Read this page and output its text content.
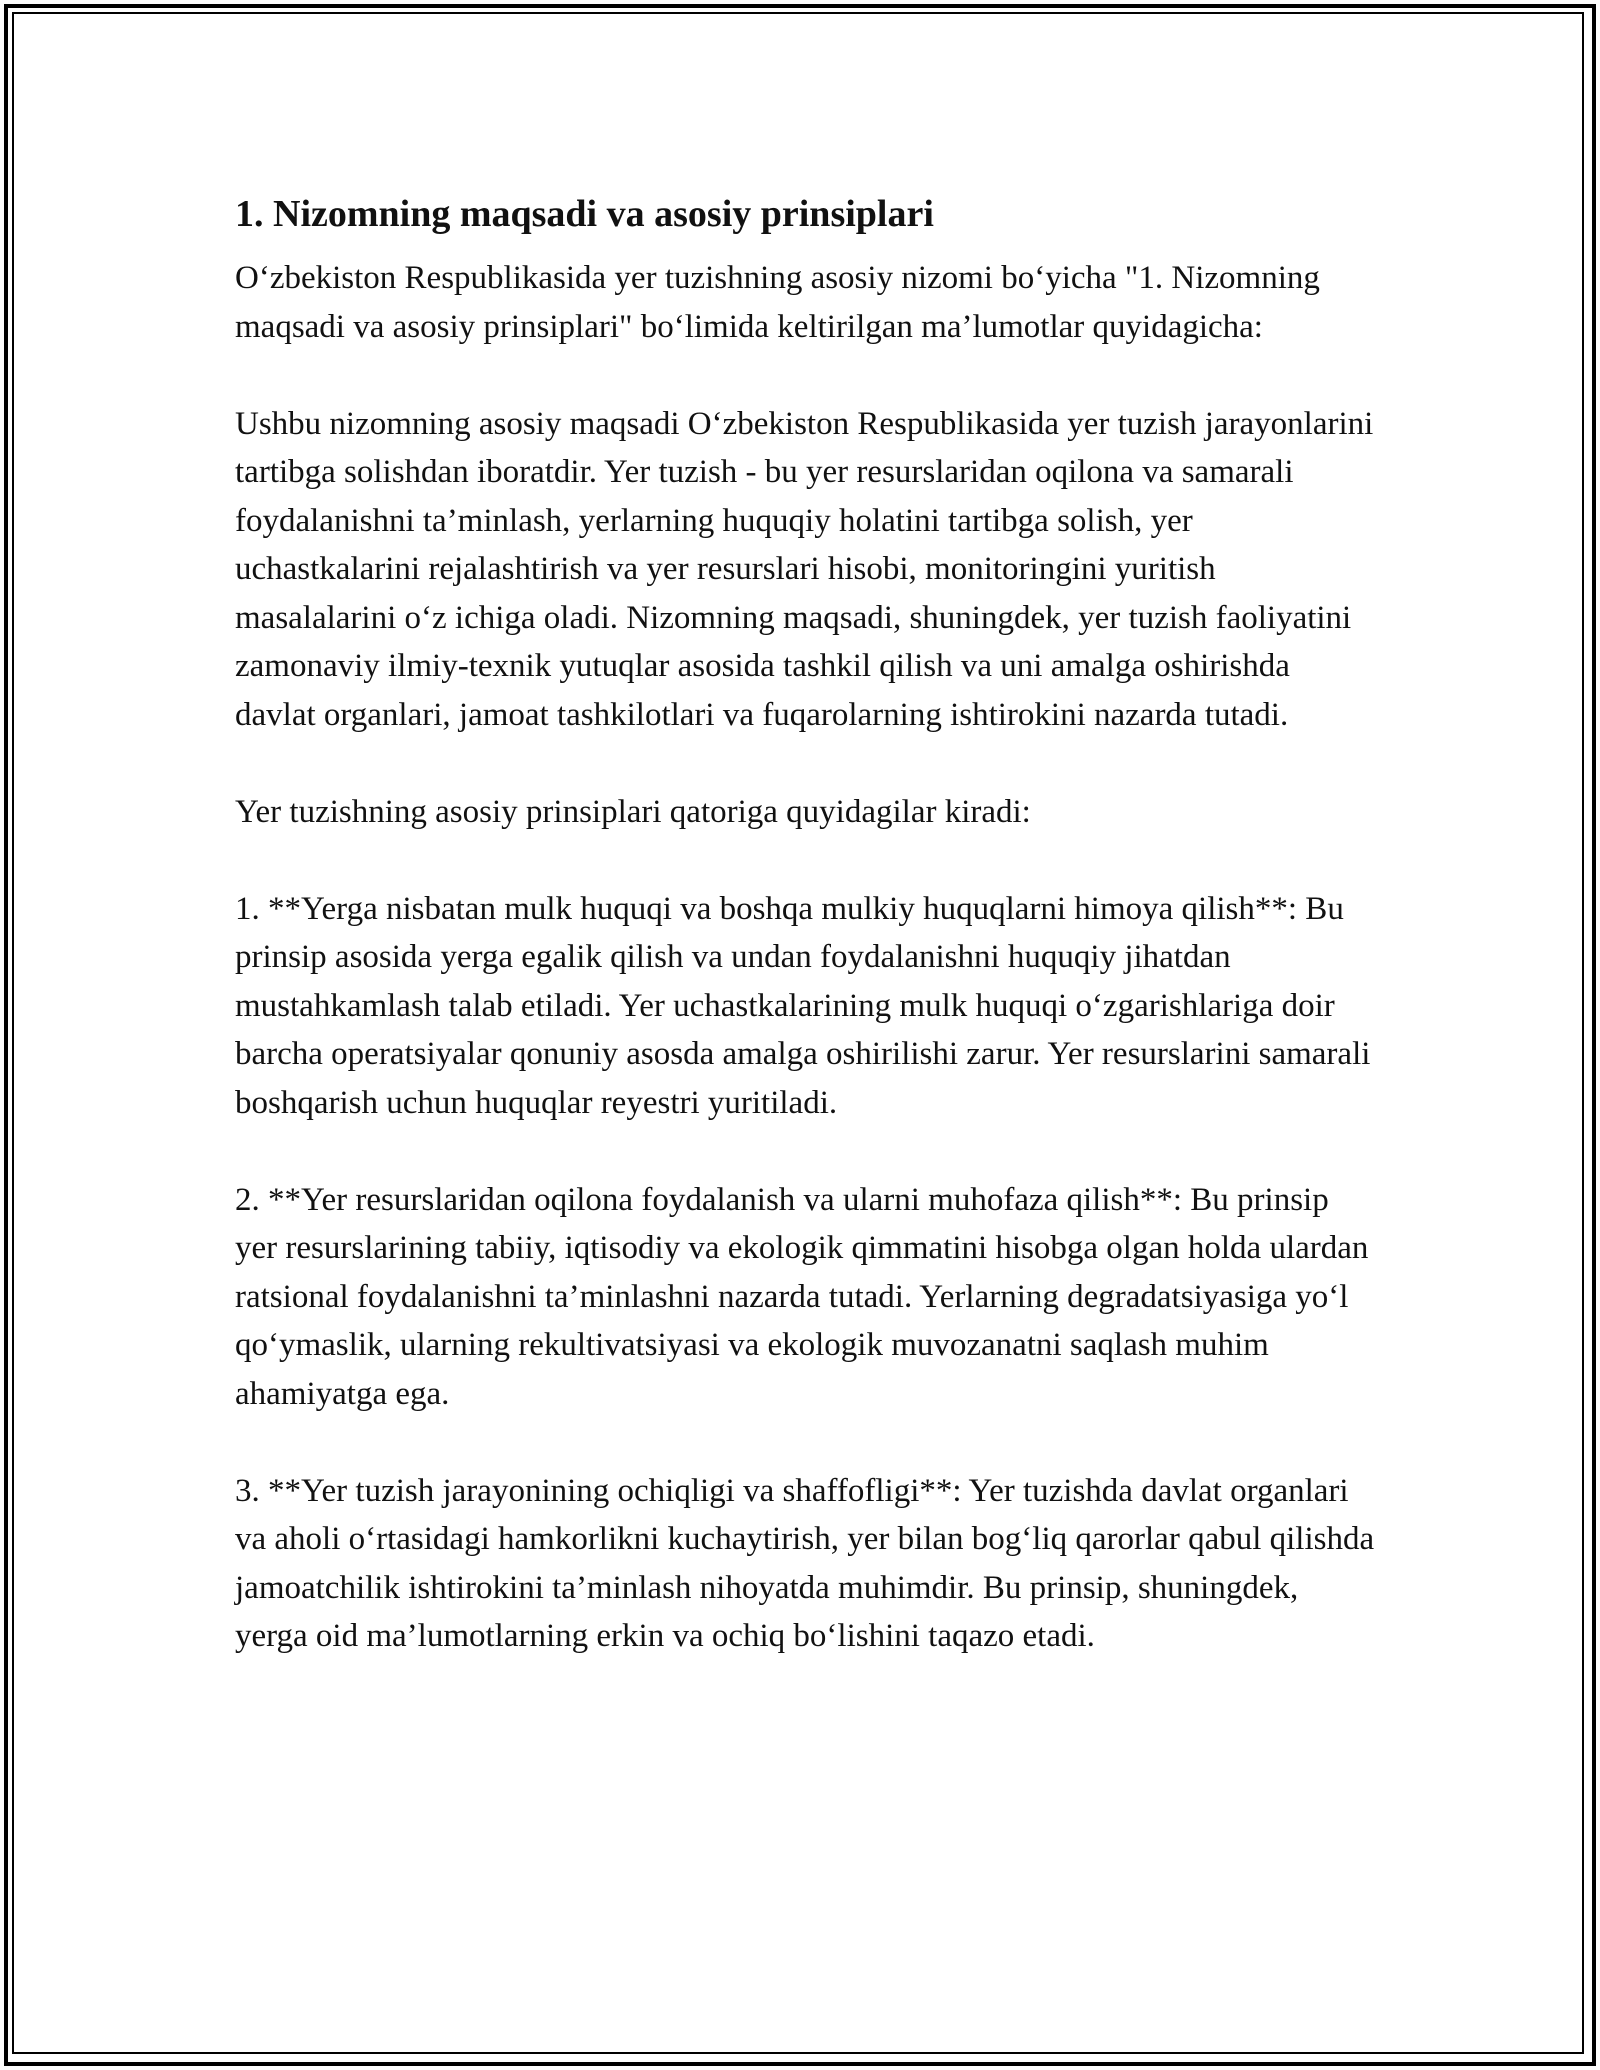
1. Nizomning maqsadi va asosiy prinsiplari

O‘zbekiston Respublikasida yer tuzishning asosiy nizomi bo‘yicha "1. Nizomning maqsadi va asosiy prinsiplari" bo‘limida keltirilgan ma’lumotlar quyidagicha:

Ushbu nizomning asosiy maqsadi O‘zbekiston Respublikasida yer tuzish jarayonlarini tartibga solishdan iboratdir. Yer tuzish - bu yer resurslaridan oqilona va samarali foydalanishni ta’minlash, yerlarning huquqiy holatini tartibga solish, yer uchastkalarini rejalashtirish va yer resurslari hisobi, monitoringini yuritish masalalarini o‘z ichiga oladi. Nizomning maqsadi, shuningdek, yer tuzish faoliyatini zamonaviy ilmiy-texnik yutuqlar asosida tashkil qilish va uni amalga oshirishda davlat organlari, jamoat tashkilotlari va fuqarolarning ishtirokini nazarda tutadi.

Yer tuzishning asosiy prinsiplari qatoriga quyidagilar kiradi:

1. **Yerga nisbatan mulk huquqi va boshqa mulkiy huquqlarni himoya qilish**: Bu prinsip asosida yerga egalik qilish va undan foydalanishni huquqiy jihatdan mustahkamlash talab etiladi. Yer uchastkalarining mulk huquqi o‘zgarishlariga doir barcha operatsiyalar qonuniy asosda amalga oshirilishi zarur. Yer resurslarini samarali boshqarish uchun huquqlar reyestri yuritiladi.

2. **Yer resurslaridan oqilona foydalanish va ularni muhofaza qilish**: Bu prinsip yer resurslarining tabiiy, iqtisodiy va ekologik qimmatini hisobga olgan holda ulardan ratsional foydalanishni ta’minlashni nazarda tutadi. Yerlarning degradatsiyasiga yo‘l qo‘ymaslik, ularning rekultivatsiyasi va ekologik muvozanatni saqlash muhim ahamiyatga ega.

3. **Yer tuzish jarayonining ochiqligi va shaffofligi**: Yer tuzishda davlat organlari va aholi o‘rtasidagi hamkorlikni kuchaytirish, yer bilan bog‘liq qarorlar qabul qilishda jamoatchilik ishtirokini ta’minlash nihoyatda muhimdir. Bu prinsip, shuningdek, yerga oid ma’lumotlarning erkin va ochiq bo‘lishini taqazo etadi.
